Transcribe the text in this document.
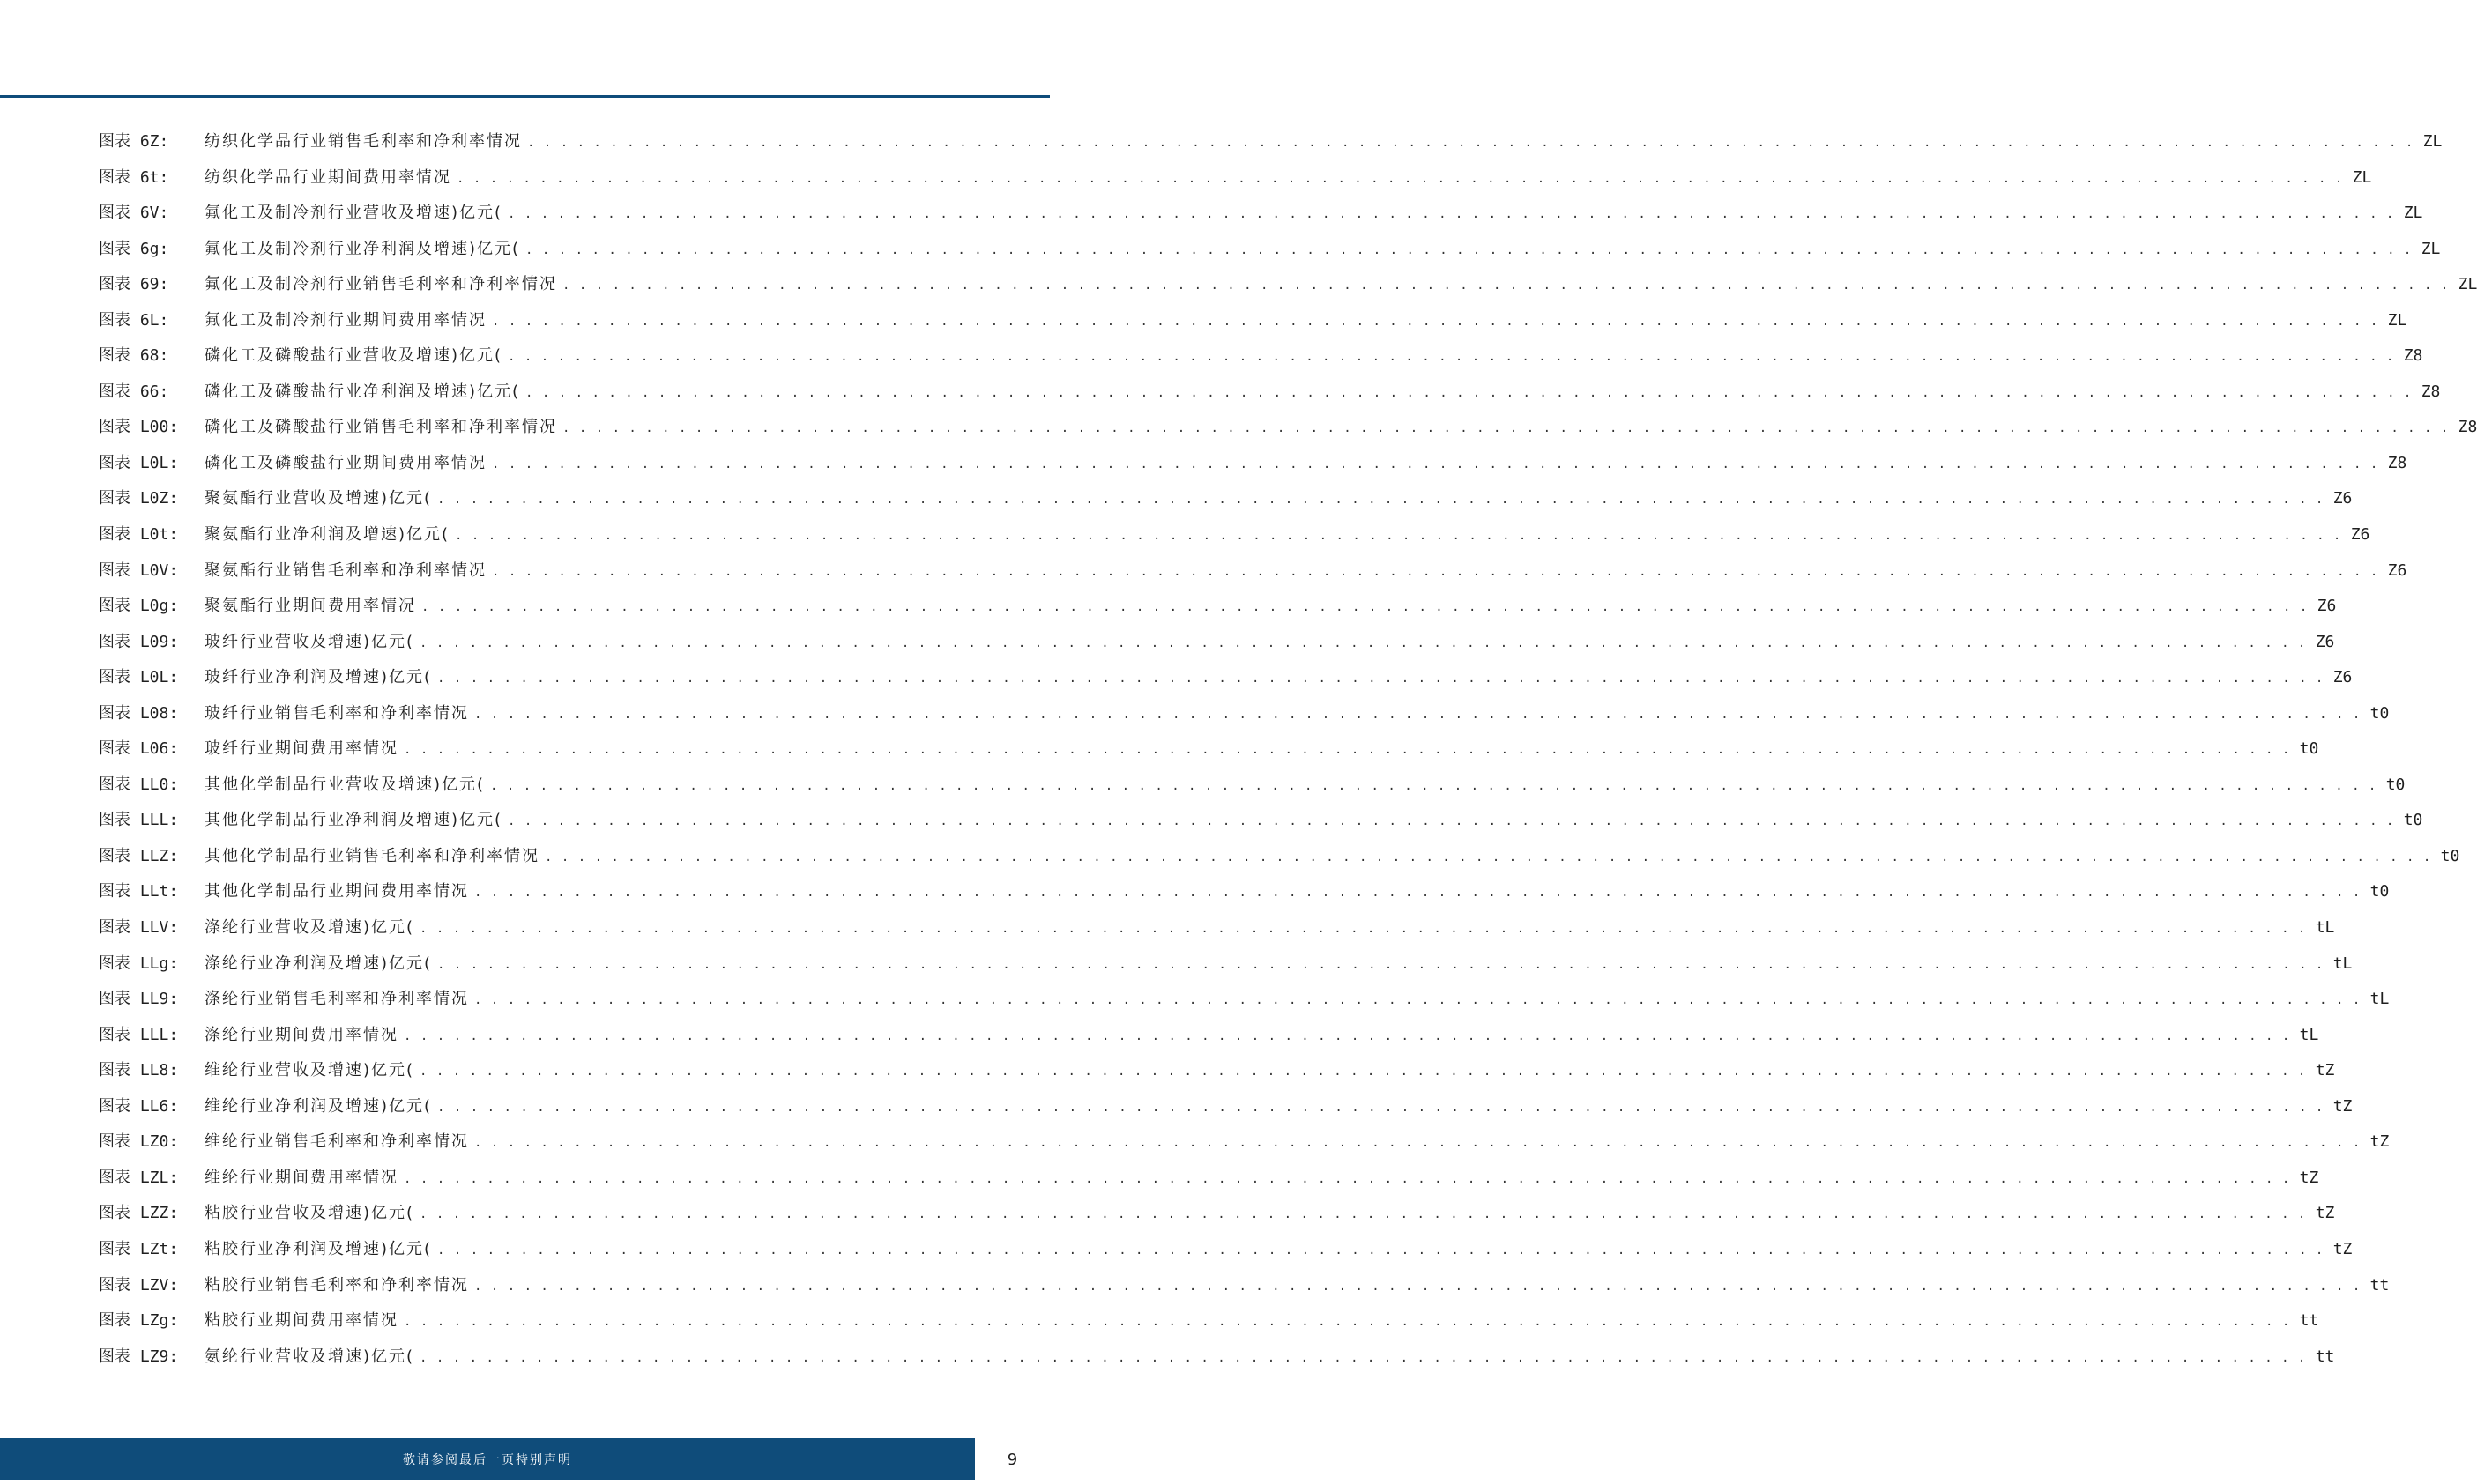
图表 6Z:	纺织化学品行业销售毛利率和净利率情况 . . .	ZL
图表 6t:	纺织化学品行业期间费用率情况 . . .	ZL
图表 6V:	氟化工及制冷剂行业营收及增速)亿元( . . .	ZL
图表 6g:	氟化工及制冷剂行业净利润及增速)亿元( . . .	ZL
图表 69:	氟化工及制冷剂行业销售毛利率和净利率情况 . . .	ZL
图表 6L:	氟化工及制冷剂行业期间费用率情况 . . .	ZL
图表 68:	磷化工及磷酸盐行业营收及增速)亿元( . . .	Z8
图表 66:	磷化工及磷酸盐行业净利润及增速)亿元( . . .	Z8
图表 L00:	磷化工及磷酸盐行业销售毛利率和净利率情况 . . .	Z8
图表 L0L:	磷化工及磷酸盐行业期间费用率情况 . . .	Z8
图表 L0Z:	聚氨酯行业营收及增速)亿元( . . .	Z6
图表 L0t:	聚氨酯行业净利润及增速)亿元( . . .	Z6
图表 L0V:	聚氨酯行业销售毛利率和净利率情况 . . .	Z6
图表 L0g:	聚氨酯行业期间费用率情况 . . .	Z6
图表 L09:	玻纤行业营收及增速)亿元( . . .	Z6
图表 L0L:	玻纤行业净利润及增速)亿元( . . .	Z6
图表 L08:	玻纤行业销售毛利率和净利率情况 . . .	t0
图表 L06:	玻纤行业期间费用率情况 . . .	t0
图表 LL0:	其他化学制品行业营收及增速)亿元( . . .	t0
图表 LLL:	其他化学制品行业净利润及增速)亿元( . . .	t0
图表 LLZ:	其他化学制品行业销售毛利率和净利率情况 . . .	t0
图表 LLt:	其他化学制品行业期间费用率情况 . . .	t0
图表 LLV:	涤纶行业营收及增速)亿元( . . .	tL
图表 LLg:	涤纶行业净利润及增速)亿元( . . .	tL
图表 LL9:	涤纶行业销售毛利率和净利率情况 . . .	tL
图表 LLL:	涤纶行业期间费用率情况 . . .	tL
图表 LL8:	维纶行业营收及增速)亿元( . . .	tZ
图表 LL6:	维纶行业净利润及增速)亿元( . . .	tZ
图表 LZ0:	维纶行业销售毛利率和净利率情况 . . .	tZ
图表 LZL:	维纶行业期间费用率情况 . . .	tZ
图表 LZZ:	粘胶行业营收及增速)亿元( . . .	tZ
图表 LZt:	粘胶行业净利润及增速)亿元( . . .	tZ
图表 LZV:	粘胶行业销售毛利率和净利率情况 . . .	tt
图表 LZg:	粘胶行业期间费用率情况 . . .	tt
图表 LZ9:	氨纶行业营收及增速)亿元( . . .	tt
敬请参阅最后一页特别声明	9
